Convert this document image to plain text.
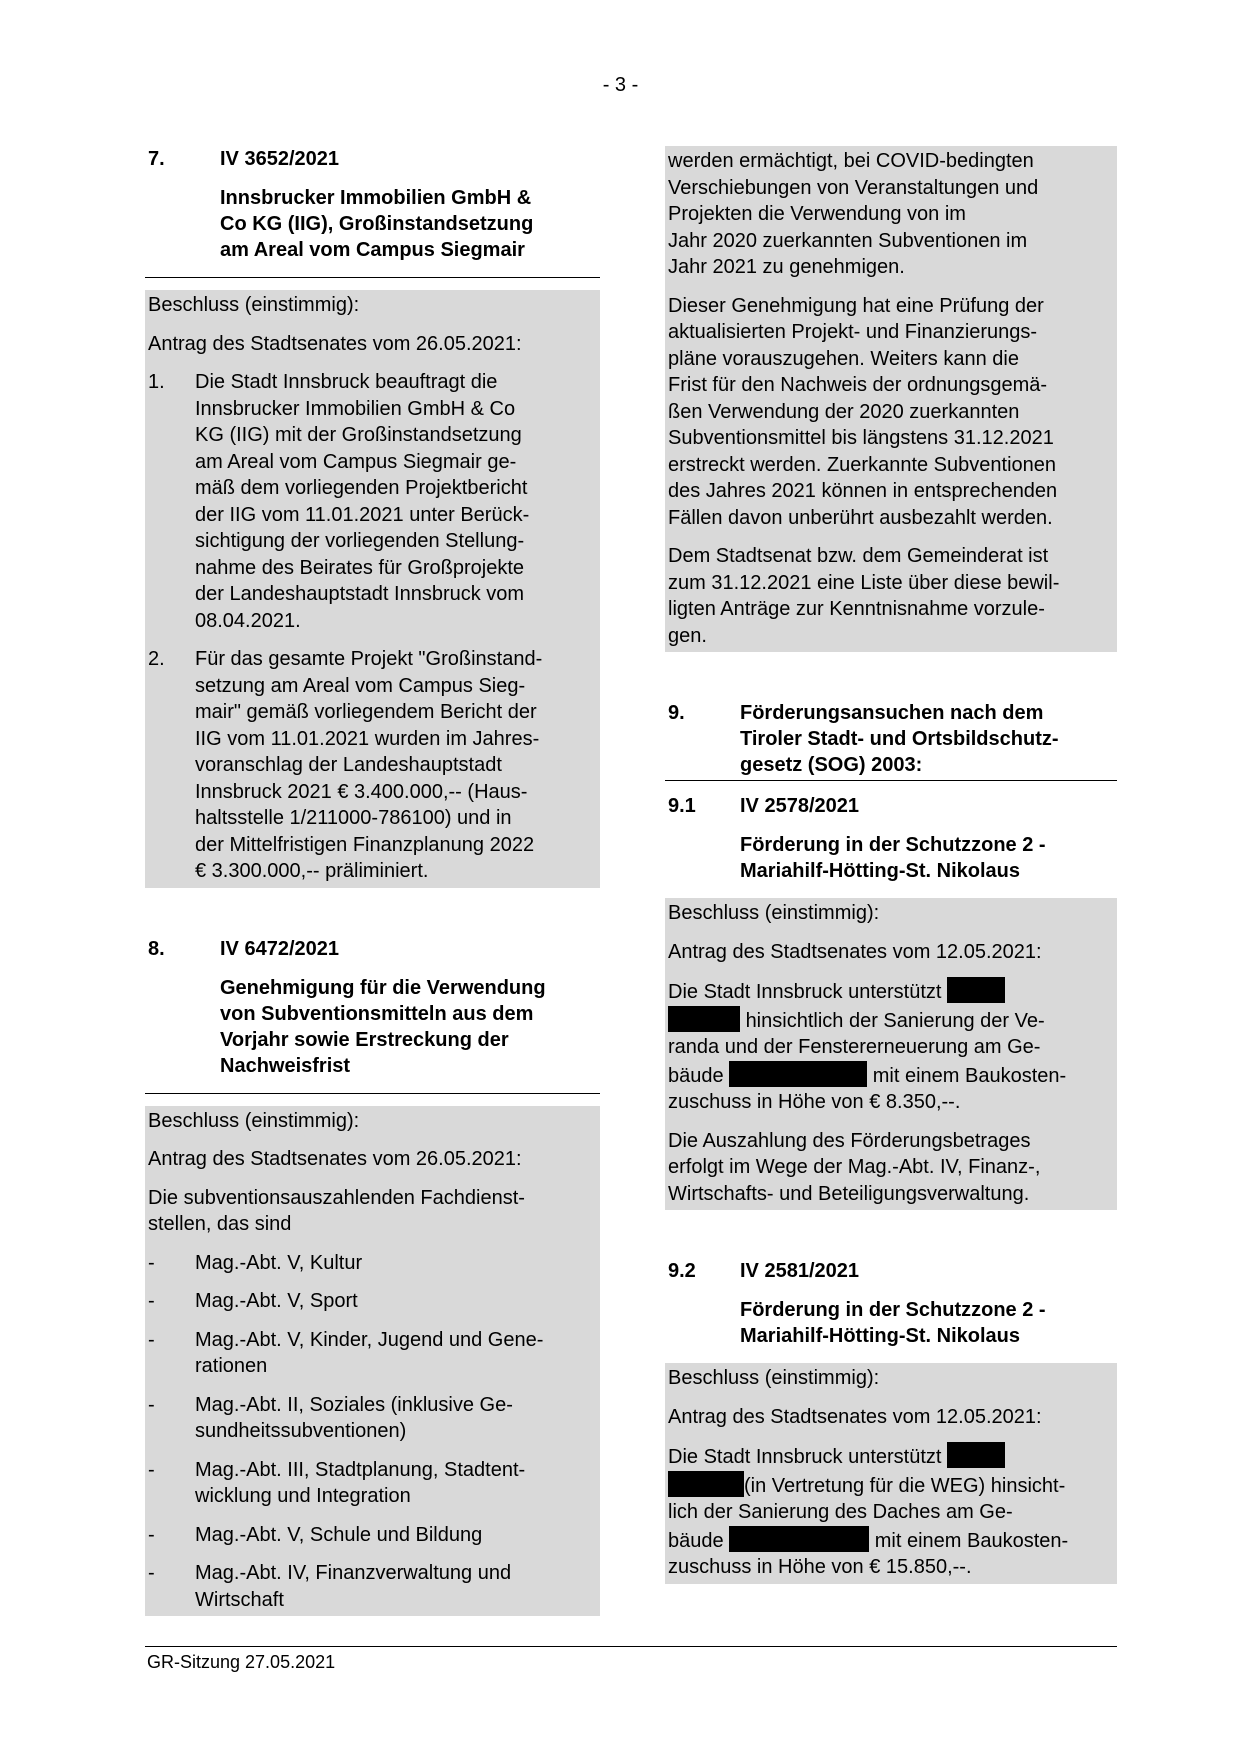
- 3 -
7.	IV 3652/2021
Innsbrucker Immobilien GmbH &
Co KG (IIG), Großinstandsetzung
am Areal vom Campus Siegmair

Beschluss (einstimmig):

Antrag des Stadtsenates vom 26.05.2021:

1. Die Stadt Innsbruck beauftragt die
Innsbrucker Immobilien GmbH & Co
KG (IIG) mit der Großinstandsetzung
am Areal vom Campus Siegmair ge-
mäß dem vorliegenden Projektbericht
der IIG vom 11.01.2021 unter Berück-
sichtigung der vorliegenden Stellung-
nahme des Beirates für Großprojekte
der Landeshauptstadt Innsbruck vom
08.04.2021.
2. Für das gesamte Projekt "Großinstand-
setzung am Areal vom Campus Sieg-
mair" gemäß vorliegendem Bericht der
IIG vom 11.01.2021 wurden im Jahres-
voranschlag der Landeshauptstadt
Innsbruck 2021 € 3.400.000,-- (Haus-
haltsstelle 1/211000-786100) und in
der Mittelfristigen Finanzplanung 2022
€ 3.300.000,-- präliminiert.
8.	IV 6472/2021
Genehmigung für die Verwendung
von Subventionsmitteln aus dem
Vorjahr sowie Erstreckung der
Nachweisfrist

Beschluss (einstimmig):

Antrag des Stadtsenates vom 26.05.2021:

Die subventionsauszahlenden Fachdienst-
stellen, das sind

- Mag.-Abt. V, Kultur
- Mag.-Abt. V, Sport
- Mag.-Abt. V, Kinder, Jugend und Gene-
rationen
- Mag.-Abt. II, Soziales (inklusive Ge-
sundheitssubventionen)
- Mag.-Abt. III, Stadtplanung, Stadtent-
wicklung und Integration
- Mag.-Abt. V, Schule und Bildung
- Mag.-Abt. IV, Finanzverwaltung und
Wirtschaft

werden ermächtigt, bei COVID-bedingten
Verschiebungen von Veranstaltungen und
Projekten die Verwendung von im
Jahr 2020 zuerkannten Subventionen im
Jahr 2021 zu genehmigen.

Dieser Genehmigung hat eine Prüfung der
aktualisierten Projekt- und Finanzierungs-
pläne vorauszugehen. Weiters kann die
Frist für den Nachweis der ordnungsgemä-
ßen Verwendung der 2020 zuerkannten
Subventionsmittel bis längstens 31.12.2021
erstreckt werden. Zuerkannte Subventionen
des Jahres 2021 können in entsprechenden
Fällen davon unberührt ausbezahlt werden.

Dem Stadtsenat bzw. dem Gemeinderat ist
zum 31.12.2021 eine Liste über diese bewil-
ligten Anträge zur Kenntnisnahme vorzule-
gen.

9.	Förderungsansuchen nach dem
Tiroler Stadt- und Ortsbildschutz-
gesetz (SOG) 2003:
9.1 IV 2578/2021
Förderung in der Schutzzone 2 -
Mariahilf-Hötting-St. Nikolaus

Beschluss (einstimmig):

Antrag des Stadtsenates vom 12.05.2021:

Die Stadt Innsbruck unterstützt
hinsichtlich der Sanierung der Ve-
randa und der Fenstererneuerung am Ge-
bäude	mit einem Baukosten-
zuschuss in Höhe von € 8.350,--.

Die Auszahlung des Förderungsbetrages
erfolgt im Wege der Mag.-Abt. IV, Finanz-,
Wirtschafts- und Beteiligungsverwaltung.

9.2 IV 2581/2021
Förderung in der Schutzzone 2 -
Mariahilf-Hötting-St. Nikolaus

Beschluss (einstimmig):

Antrag des Stadtsenates vom 12.05.2021:

Die Stadt Innsbruck unterstützt
(in Vertretung für die WEG) hinsicht-
lich der Sanierung des Daches am Ge-
bäude	mit einem Baukosten-
zuschuss in Höhe von € 15.850,--.

GR-Sitzung 27.05.2021
